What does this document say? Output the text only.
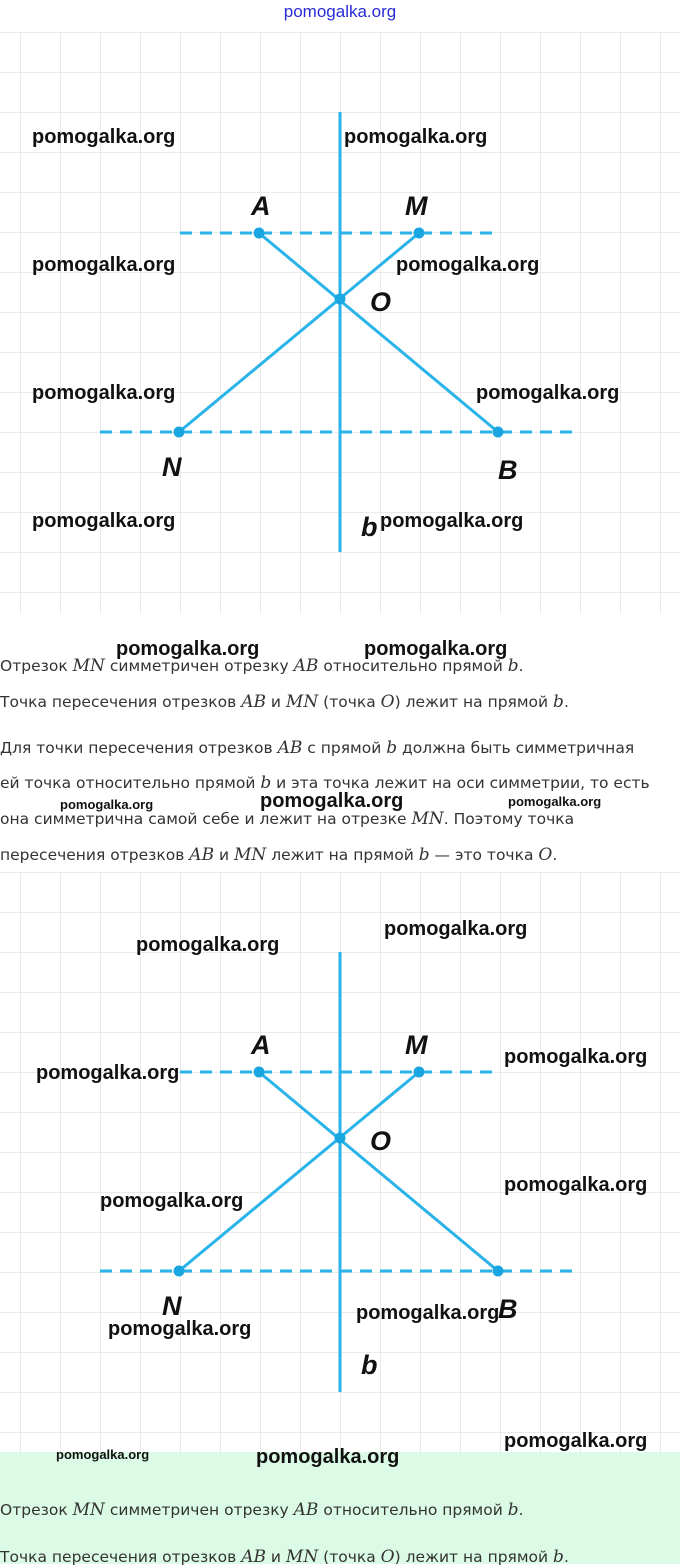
pomogalka.org
A	M
O
N	B
b

Отрезок MN симметричен отрезку AB относительно прямой b.

Точка пересечения отрезков AB и MN (точка O) лежит на прямой b.

Для точки пересечения отрезков AB с прямой b должна быть симметричная

ей точка относительно прямой b и эта точка лежит на оси симметрии, то есть

она симметрична самой себе и лежит на отрезке MN. Поэтому точка

пересечения отрезков AB и MN лежит на прямой b — это точка O.

A	M
O
N	B
b

Отрезок MN симметричен отрезку AB относительно прямой b.

Точка пересечения отрезков AB и MN (точка O) лежит на прямой b.

pomogalka.org	pomogalka.org
pomogalka.org	pomogalka.org
pomogalka.org	pomogalka.org
pomogalka.org	pomogalka.org
pomogalka.org	pomogalka.org
pomogalka.org	pomogalka.org	pomogalka.org
pomogalka.org
pomogalka.org
pomogalka.org
pomogalka.org
pomogalka.org
pomogalka.org
pomogalka.org
pomogalka.org
pomogalka.org
pomogalka.org	pomogalka.org
